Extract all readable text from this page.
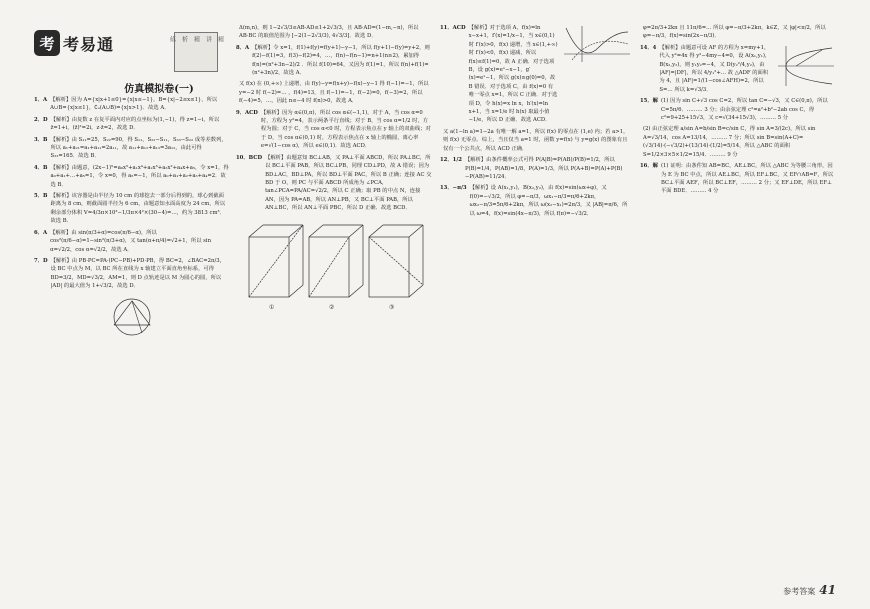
考 考易通	精
讲
精
析
练
仿真模拟卷(一)
1．A 【解析】因为 A={x|x+1≤0}={x|x≤−1}，B={x|−2≤x≤1}，所以 A∪B={x|x≤1}，∁ᵤ(A∪B)={x|x>1}．故选 A．
2．D 【解析】由复数 z 在复平面内对应的点坐标为(1,−1)，得 z=1−i，所以 z̄=1+i，(z̄)²=2i，z·z̄=2，故选 D．
3．B 【解析】由 S₁₁=25，S₂₂=90，得 S₁₁，S₂₂−S₁₁，S₃₃−S₂₂ 成等差数列，所以 a₁+a₂₁=a₁+a₁₁=2a₁₁，故 a₁₁+a₁₂+a₁₃=3a₁₂，由此可得 S₃₃=165．故选 B．
4．B 【解析】由题意，(2x−1)⁵=a₀x⁵+a₁x⁴+a₂x³+a₃x²+a₄x+a₅，令 x=1，得 a₀+a₁+…+a₅=1，令 x=0，得 a₅=−1，所以 a₀+a₁+a₂+a₃+a₄=2．故选 B．
5．B 【解析】该容器是由半径为 10 cm 的球挖去一部分后得到的，球心到截面距离为 8 cm，则截面圆半径为 6 cm，由题意知水面高度为 24 cm，所以剩余部分体积 V=4/3π×10³−1/3π×4²×(30−4)=…，约为 3813 cm³．故选 B．
6．A 【解析】由 sin(π/3+α)=cos(π/6−α)，所以 cos²(π/6−α)=1−sin²(π/3+α)，又 tan(α+π/4)=√2+1，所以 sin α=√2/2，cos α=√2/2，故选 A．
7．D 【解析】由 PB·PC=PA·(PC−PB)+PD·PB，得 BC=2，∠BAC=2π/3，设 BC 中点为 M，以 BC 所在直线为 x 轴建立平面直角坐标系，可得 BD=3/2，MD=√3/2，AM=1，则 D 点轨迹是以 M 为圆心的圆，所以 |AD| 的最大值为 1+√3/2，故选 D．
Δ(m,n)，则 1−2√3/3≤AB·AD≤1+2√3/3，且 AB·AD=(1−m,−n)，所以 AB·BC 的取值范围为 [−2(1−2√3/3), 4√3/3]．故选 D．
8．A 【解析】令 x=1，f(1)+f(y)=f(y+1)−y−1，所以 f(y+1)−f(y)=y+2，则 f(2)−f(1)=3，f(3)−f(2)=4，…，f(n)−f(n−1)=n+1(n≥2)，累加得 f(n)=(n²+3n−2)/2 ．所以 f(10)=64，又因为 f(1)=1，所以 f(n)+f(1)=(n²+3n)/2，故选 A．
又 f(x) 在 (0,+∞) 上递增，由 f(y)−y=f(x+y)−f(x)−y−1 得 f(−1)=−1，所以 y=−2 时 f(−2)=… ，f(4)=13，且 f(−1)=−1，f(−2)=0，f(−3)=2，所以 f(−4)=5，…，因此 n≤−4 时 f(n)>0，故选 A．
9．ACD 【解析】因为 α∈(0,π)，所以 cos α∈(−1,1)，对于 A，当 cos α=0 时，方程为 y²=4，表示两条平行直线；对于 B，当 cos α=1/2 时，方程为圆；对于 C，当 cos α<0 时，方程表示焦点在 y 轴上的双曲线；对于 D，当 cos α∈(0,1) 时，方程表示焦点在 x 轴上的椭圆，离心率 e=√(1−cos α)，所以 e∈(0,1)．故选 ACD．
10．BCD 【解析】由题意知 BC⊥AB，又 PA⊥平面 ABCD，所以 PA⊥BC，所以 BC⊥平面 PAB，所以 BC⊥PB，同理 CD⊥PD，故 A 错误；因为 BD⊥AC，BD⊥PA，所以 BD⊥平面 PAC，所以 B 正确；连接 AC 交 BD 于 O，则 PC 与平面 ABCD 所成角为 ∠PCA，tan∠PCA=PA/AC=√2/2，所以 C 正确；取 PB 的中点 N，连接 AN，因为 PA=AB，所以 AN⊥PB，又 BC⊥平面 PAB，所以 AN⊥BC，所以 AN⊥平面 PBC，所以 D 正确．故选 BCD．
①	②	③
11．ACD 【解析】对于选项 A，f(x)=ln x−x+1，f′(x)=1/x−1，当 x∈(0,1) 时 f′(x)>0，f(x) 递增，当 x∈(1,+∞) 时 f′(x)<0，f(x) 递减，所以 f(x)≤f(1)=0，故 A 正确．对于选项 B，设 g(x)=eˣ−x−1，g′(x)=eˣ−1，所以 g(x)≥g(0)=0，故 B 错误．对于选项 C，由 f(x)=0 有唯一零点 x=1，所以 C 正确．对于选项 D，令 h(x)=x ln x，h′(x)=ln x+1，当 x=1/e 时 h(x) 取最小值 −1/e，所以 D 正确．故选 ACD．
又 a(1−ln a)=1−2a 有唯一解 a=1，所以 f(x) 的零点在 (1,e) 内；若 a>1，则 f(x) 无零点．综上，当且仅当 a=1 时，函数 y=f(x) 与 y=g(x) 的图象有且仅有一个公共点，所以 ACD 正确．
12．1/2 【解析】由条件概率公式可得 P(A|B)=P(AB)/P(B)=1/2，所以 P(B)=1/4，P(AB)=1/8，P(A)=1/3，所以 P(A+B)=P(A)+P(B)−P(AB)=11/24．
13．−π/3 【解析】设 A(x₁,y₁)，B(x₂,y₂)，由 f(x)=sin(ωx+φ)，又 f(0)=−√3/2，所以 φ=−π/3，ωx₁−π/3=π/6+2kπ，ωx₂−π/3=5π/6+2kπ，所以 ω(x₂−x₁)=2π/3，又 |AB|=π/6，所以 ω=4，f(x)=sin(4x−π/3)，所以 f(π)=−√3/2．
φ=2π/3+2kπ 且 11π/6=… 所以 φ=−π/3+2kπ，k∈Z，又 |φ|<π/2，所以 φ=−π/3，f(x)=sin(2x−π/3)．
14．4 【解析】由题意可设 AF 的方程为 x=my+1，代入 y²=4x 得 y²−4my−4=0，设 A(x₁,y₁)，B(x₂,y₂)，则 y₁y₂=−4，又 D(y₂²/4,y₂)，由 |AF|=|DF|，所以 4/y₁²+… 故 △ADF 的面积为 4，且 |AF|=1/(1−cos∠AFH)=2，所以 S=… 所以 k=√3/3．
15．解 (1) 因为 sin C+√3 cos C=2，所以 tan C=−√3，又 C∈(0,π)，所以 C=5π/6．……… 3 分；由余弦定理 c²=a²+b²−2ab cos C，得 c²=9+25+15√3，又 c=√(34+15√3)，……… 5 分
(2) 由正弦定理 a/sin A=b/sin B=c/sin C，得 sin A=3/(2c)，所以 sin A=√3/14，cos A=13/14，……… 7 分；所以 sin B=sin(A+C)=(√3/14)·(−√3/2)+(13/14)·(1/2)=5/14，所以 △ABC 的面积 S=1/2×3×5×1/2=15/4．……… 9 分
16．解 (1) 证明：由条件知 AB=BC，AE⊥BC，所以 △ABC 为等腰三角形，因为 E 为 BC 中点，所以 AE⊥BC，所以 EF⊥BC，又 EF∩AB=F，所以 BC⊥平面 AEF，所以 BC⊥EF，……… 2 分；又 EF⊥DE，所以 EF⊥平面 BDE．……… 4 分
参考答案 41
